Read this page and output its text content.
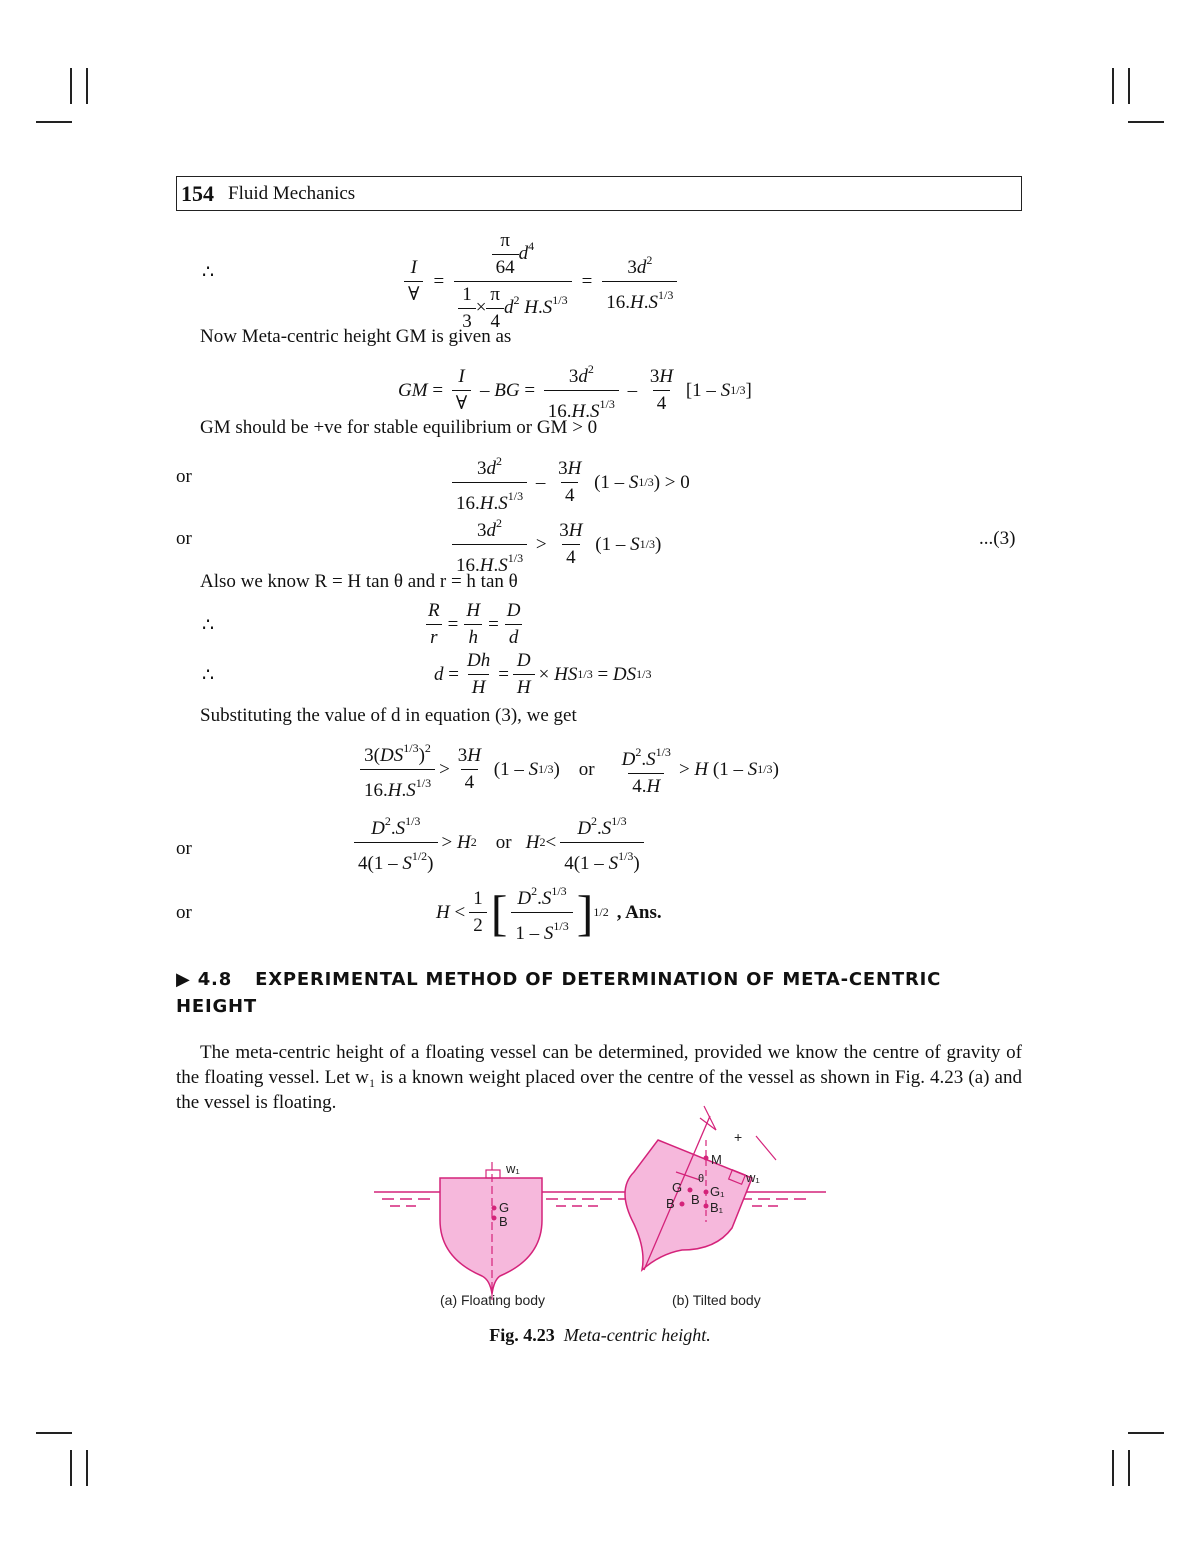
154 Fluid Mechanics
∴	$\frac{I}{\forall} = \frac{\frac{\pi}{64} d^4}{\frac{1}{3} \times \frac{\pi}{4} d^2 H.S^{1/3}} = \frac{3d^2}{16.H.S^{1/3}}$
Now Meta-centric height GM is given as
GM = $\frac{I}{\forall}$ – BG = $\frac{3d^2}{16.H.S^{1/3}} - \frac{3H}{4} [1$ – S 1/3 ]
GM should be +ve for stable equilibrium or GM > 0
or	$\frac{3d^2}{16.H.S^{1/3}} - \frac{3H}{4} (1$ – S 1/3 ) > 0
or	$\frac{3d^2}{16.H.S^{1/3}} > \frac{3H}{4} (1 - S$ 1/3 )	...(3)
Also we know R = H tan θ and r = h tan θ
∴	$\frac{R}{r} = \frac{H}{h} = \frac{D}{d}$
∴	$d = \frac{Dh}{H} = \frac{D}{H}$ × HS 1/3 = DS 1/3
Substituting the value of d in equation (3), we get
$\frac{3(DS^{1/3})^2}{16.H.S^{1/3}} > \frac{3H}{4} (1 - S$ 1/3 ) or
$\frac{D^2.S^{1/3}}{4.H} > H$ (1 – S 1/3 )
or	$\frac{D^2.S^{1/3}}{4(1 - S^{1/2})} > H$ 2
or
H $2 < \frac{D^2.S^{1/3}}{4(1 - S^{1/3})}$
or	$H < \frac{1}{2}$ [ $\frac{D^2.S^{1/3}}{1 - S^{1/3}}$ ] 1/2 , Ans.
▶ 4.8 EXPERIMENTAL METHOD OF DETERMINATION OF META-CENTRIC HEIGHT
The meta-centric height of a floating vessel can be determined, provided we know the centre of gravity of the floating vessel. Let w₁ is a known weight placed over the centre of the vessel as shown in Fig. 4.23 (a) and the vessel is floating.
w₁
G
B
+
M
θ
G
B B
G₁
B₁
w₁
(a) Floating body	(b) Tilted body
Fig. 4.23 Meta-centric height.
